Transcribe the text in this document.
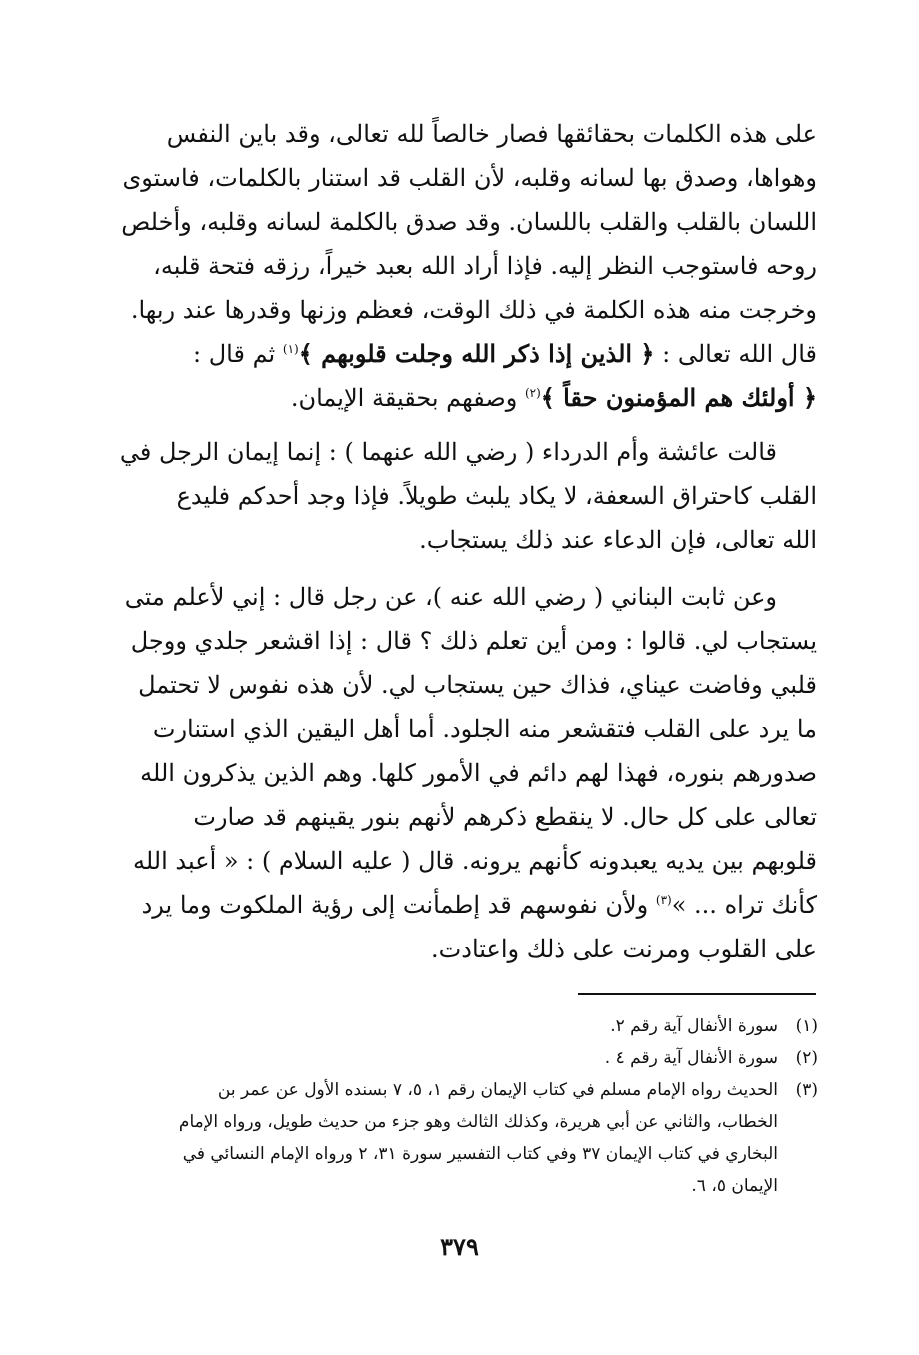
على هذه الكلمات بحقائقها فصار خالصاً لله تعالى، وقد باين النفس
وهواها، وصدق بها لسانه وقلبه، لأن القلب قد استنار بالكلمات، فاستوى
اللسان بالقلب والقلب باللسان. وقد صدق بالكلمة لسانه وقلبه، وأخلص
روحه فاستوجب النظر إليه. فإذا أراد الله بعبد خيراً، رزقه فتحة قلبه،
وخرجت منه هذه الكلمة في ذلك الوقت، فعظم وزنها وقدرها عند ربها.
قال الله تعالى : ﴿ الذين إذا ذكر الله وجلت قلوبهم ﴾$^{(١)}$ ثم قال :
﴿ أولئك هم المؤمنون حقاً ﴾$^{(٢)}$ وصفهم بحقيقة الإيمان.
قالت عائشة وأم الدرداء ( رضي الله عنهما ) : إنما إيمان الرجل في
القلب كاحتراق السعفة، لا يكاد يلبث طويلاً. فإذا وجد أحدكم فليدع
الله تعالى، فإن الدعاء عند ذلك يستجاب.
وعن ثابت البناني ( رضي الله عنه )، عن رجل قال : إني لأعلم متى
يستجاب لي. قالوا : ومن أين تعلم ذلك ؟ قال : إذا اقشعر جلدي ووجل
قلبي وفاضت عيناي، فذاك حين يستجاب لي. لأن هذه نفوس لا تحتمل
ما يرد على القلب فتقشعر منه الجلود. أما أهل اليقين الذي استنارت
صدورهم بنوره، فهذا لهم دائم في الأمور كلها. وهم الذين يذكرون الله
تعالى على كل حال. لا ينقطع ذكرهم لأنهم بنور يقينهم قد صارت
قلوبهم بين يديه يعبدونه كأنهم يرونه. قال ( عليه السلام ) : « أعبد الله
كأنك تراه ... »$^{(٣)}$ ولأن نفوسهم قد إطمأنت إلى رؤية الملكوت وما يرد
على القلوب ومرنت على ذلك واعتادت.
(١)
سورة الأنفال آية رقم ٢.
(٢)
سورة الأنفال آية رقم ٤ .
(٣)
الحديث رواه الإمام مسلم في كتاب الإيمان رقم ١، ٥، ٧ بسنده الأول عن عمر بن
الخطاب، والثاني عن أبي هريرة، وكذلك الثالث وهو جزء من حديث طويل، ورواه الإمام
البخاري في كتاب الإيمان ٣٧ وفي كتاب التفسير سورة ٣١، ٢ ورواه الإمام النسائي في
الإيمان ٥، ٦.
٣٧٩
